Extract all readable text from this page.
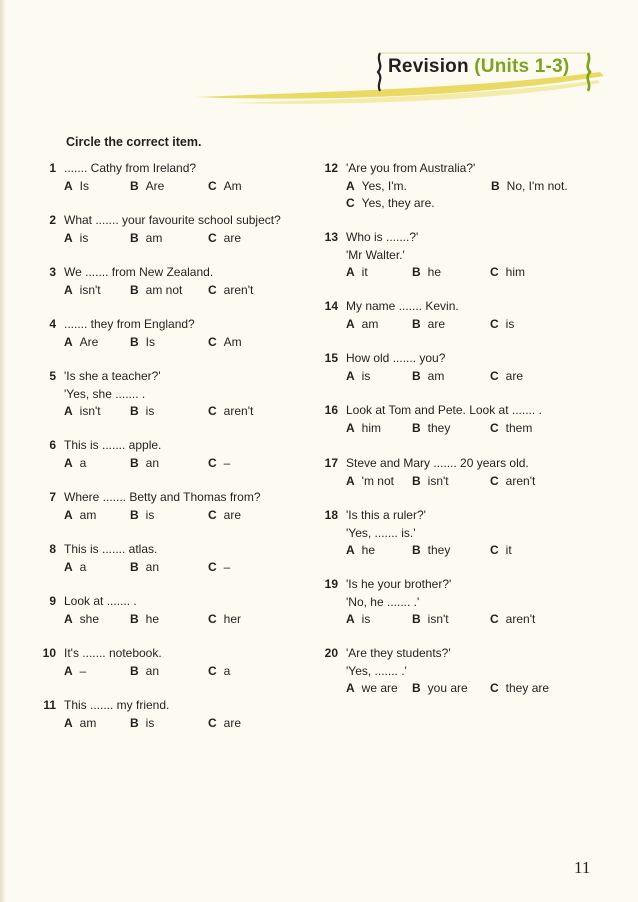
Revision (Units 1-3)
Circle the correct item.
1 ....... Cathy from Ireland?
A Is	B Are	C Am
2 What ....... your favourite school subject?
A is	B am	C are
3 We ....... from New Zealand.
A isn't B am not C aren't
4 ....... they from England?
A Are	B Is	C Am
5 'Is she a teacher?'
'Yes, she ....... .
A isn't B is	C aren't
6 This is ....... apple.
A a	B an	C –
7 Where ....... Betty and Thomas from?
A am	B is	C are
8 This is ....... atlas.
A a	B an	C –
9 Look at ....... .
A she	B he	C her
10 It's ....... notebook.
A –	B an	C a
11 This ....... my friend.
A am	B is	C are
12 'Are you from Australia?'
A Yes, I'm.	B No, I'm not.
C Yes, they are.
13 Who is .......?'
'Mr Walter.'
A it	B he	C him
14 My name ....... Kevin.
A am	B are	C is
15 How old ....... you?
A is	B am	C are
16 Look at Tom and Pete. Look at ....... .
A him	B they	C them
17 Steve and Mary ....... 20 years old.
A 'm not B isn't	C aren't
18 'Is this a ruler?'
'Yes, ....... is.'
A he	B they	C it
19 'Is he your brother?'
'No, he ....... .'
A is	B isn't	C aren't
20 'Are they students?'
'Yes, ....... .'
A we are B you are C they are
11
